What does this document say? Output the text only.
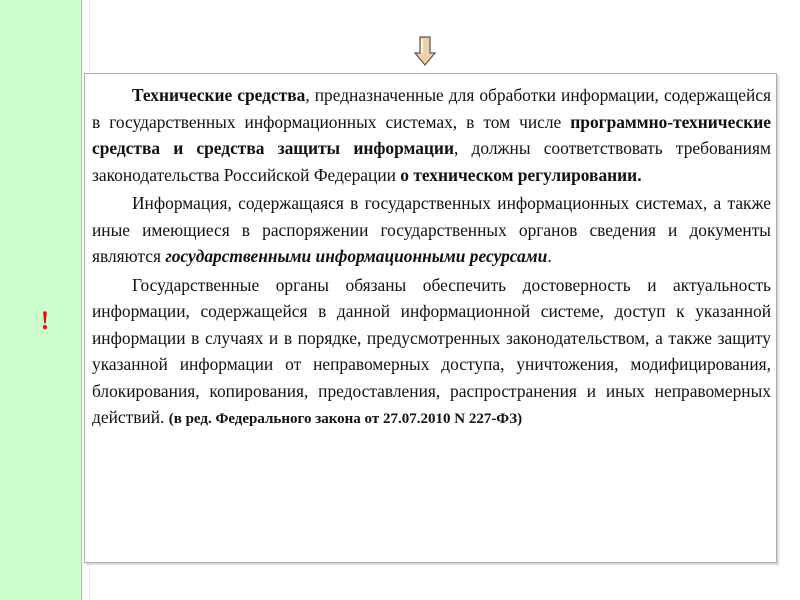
!

Технические средства, предназначенные для обработки информации, содержащейся в государственных информационных системах, в том числе программно-технические средства и средства защиты информации, должны соответствовать требованиям законодательства Российской Федерации о техническом регулировании.

Информация, содержащаяся в государственных информационных системах, а также иные имеющиеся в распоряжении государственных органов сведения и документы являются государственными информационными ресурсами.

Государственные органы обязаны обеспечить достоверность и актуальность информации, содержащейся в данной информационной системе, доступ к указанной информации в случаях и в порядке, предусмотренных законодательством, а также защиту указанной информации от неправомерных доступа, уничтожения, модифицирования, блокирования, копирования, предоставления, распространения и иных неправомерных действий. (в ред. Федерального закона от 27.07.2010 N 227-ФЗ)
